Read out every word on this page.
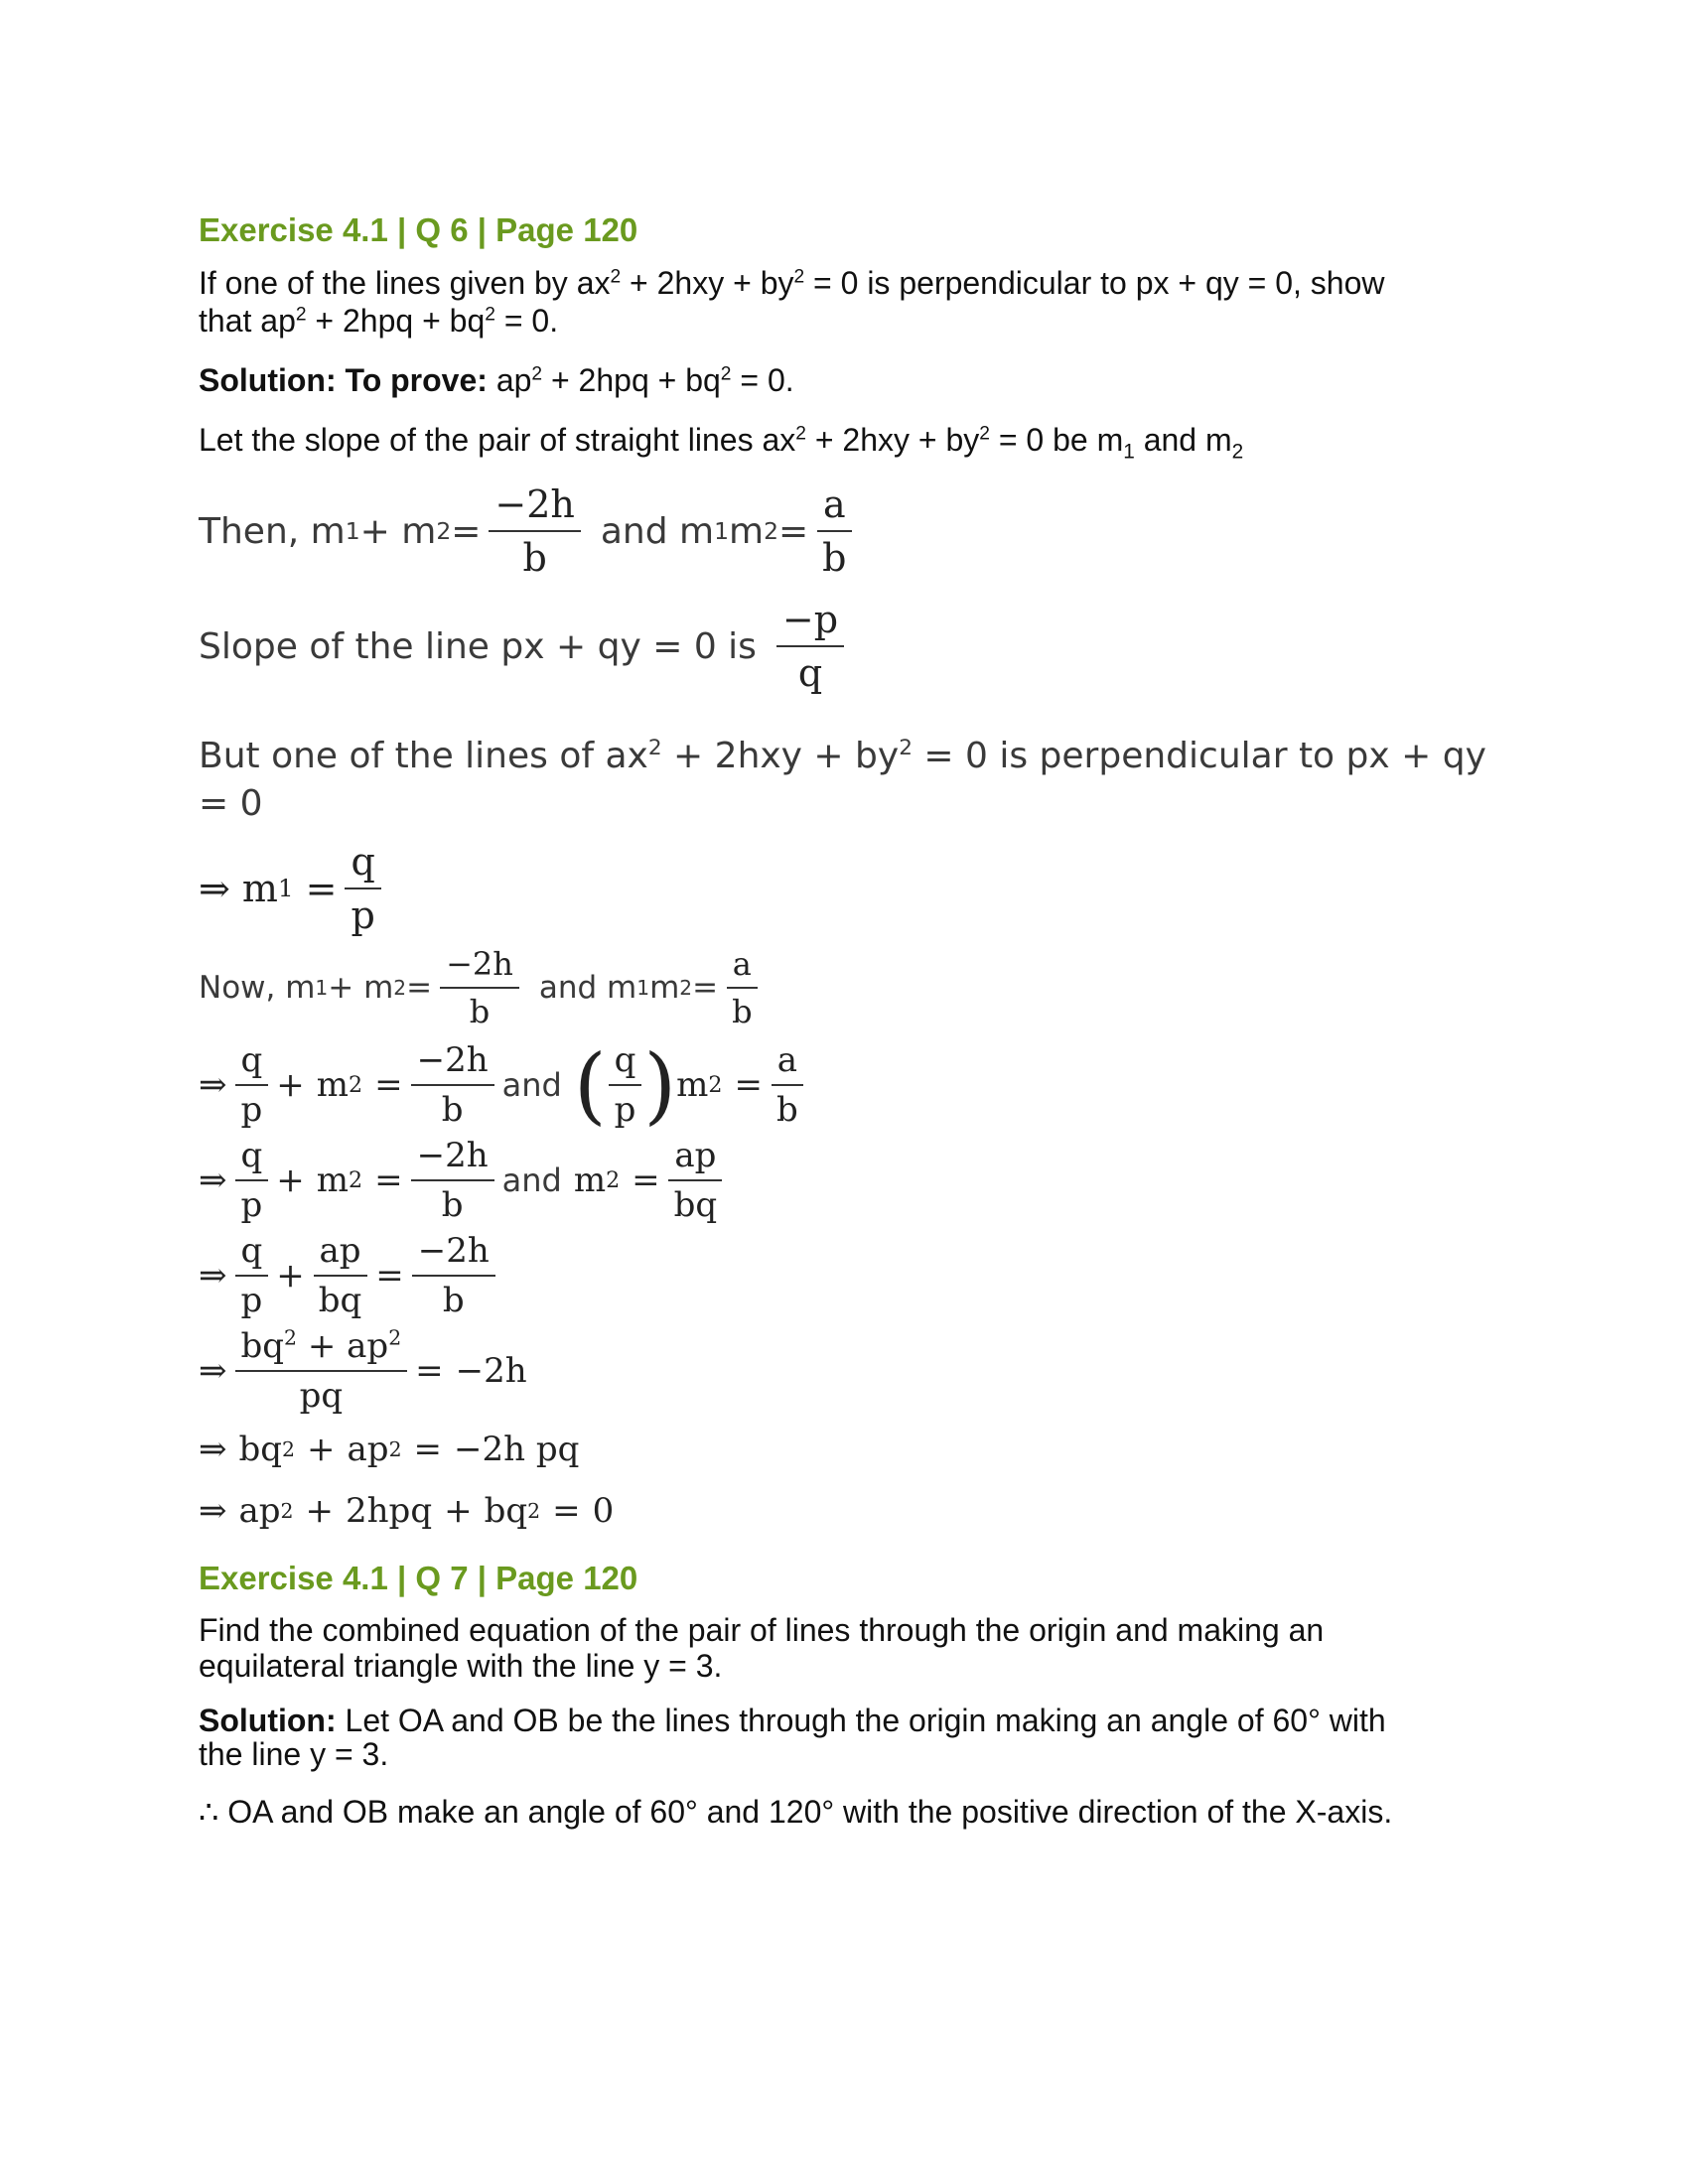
Exercise 4.1 | Q 6 | Page 120
If one of the lines given by $ax^2 + 2hxy + by^2 = 0$ is perpendicular to px + qy = 0, show
that $ap^2 + 2hpq + bq^2 = 0$.
Solution: To prove: $ap^2 + 2hpq + bq^2 = 0$.
Let the slope of the pair of straight lines $ax^2 + 2hxy + by^2 = 0$ be $m_1$ and $m_2$
Then, m 1 + m $2 = \frac{-2h}{b}$ and m 1 m $2 = \frac{a}{b}$
Slope of the line px + qy = 0 is $\frac{-p}{q}$
But one of the lines of $ax^2 + 2hxy + by^2 = 0$ is perpendicular to px + qy = 0
⇒ m $1 = \frac{q}{p}$
Now, m 1 + m $2 = \frac{-2h}{b}$ and m 1 m $2 = \frac{a}{b}$
⇒ $\frac{q}{p} + m$ $2 = \frac{-2h}{b}$ and ( $\frac{q}{p}$ ) m $2 = \frac{a}{b}$
⇒ $\frac{q}{p} + m$ $2 = \frac{-2h}{b}$ and m $2 = \frac{ap}{bq}$
⇒ $\frac{q}{p} + \frac{ap}{bq} = \frac{-2h}{b}$
⇒ $\frac{bq^2 + ap^2}{pq} = -2h$
⇒ bq 2 + ap 2 = −2h pq
⇒ ap 2 + 2hpq + bq 2 = 0
Exercise 4.1 | Q 7 | Page 120
Find the combined equation of the pair of lines through the origin and making an
equilateral triangle with the line y = 3.
Solution: Let OA and OB be the lines through the origin making an angle of 60° with
the line y = 3.
∴ OA and OB make an angle of 60° and 120° with the positive direction of the X-axis.
